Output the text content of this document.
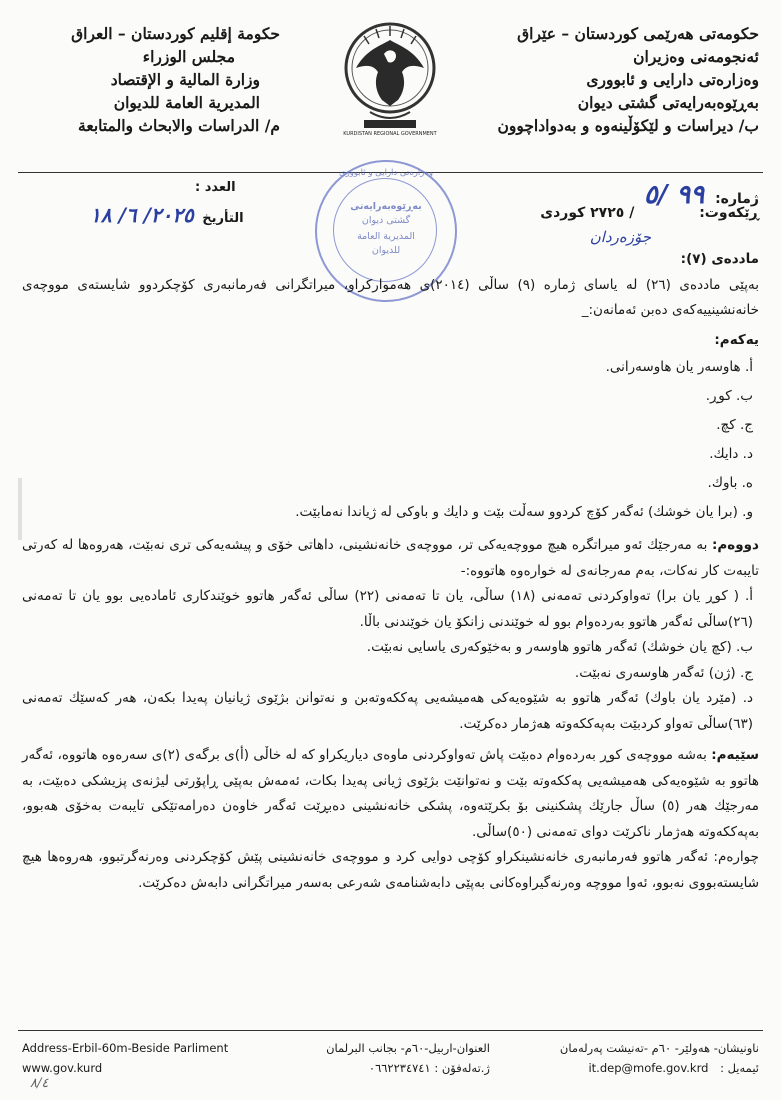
حكومة إقليم كوردستان – العراق
مجلس الوزراء
وزارة المالية و الإقتصاد
المديرية العامة للديوان
م/ الدراسات والابحاث والمتابعة
حكومەتی هەرێمی کوردستان – عێراق
ئەنجومەنی وەزیران
وەزارەتی دارایی و ئابووری
بەڕێوەبەرایەتی گشتی دیوان
ب/ دیراسات و لێکۆڵینەوە و بەدواداچوون
KURDISTAN REGIONAL GOVERNMENT
ژمارە: ٩٩ /٥
ڕێکەوت: / ٢٧٢٥ کوردی
جۆزەردان
العدد :
التأريخ ٢٠٢٥/ ٦/ ١٨
وەزارەتی دارایی و ئابووری
بەڕێوەبەرایەتی
گشتی دیوان
المديرية العامة
للديوان

ماددەی (٧):

بەپێی ماددەی (٢٦) لە یاسای ژمارە (٩) ساڵی (٢٠١٤)ی هەمواركراو، میراتگرانی فەرمانبەری كۆچكردوو شایستەی مووچەی خانەنشینییەكەی دەبن ئەمانەن:_

یەكەم:

أ. هاوسەر یان هاوسەرانی.
ب. كوڕ.
ج. كچ.
د. دایك.
ه. باوك.
و. (برا یان خوشك) ئەگەر كۆچ كردوو سەڵت بێت و دایك و باوكی لە ژیاندا نەمابێت.

دووەم: بە مەرجێك ئەو میراتگرە هیچ مووچەیەكی تر، مووچەی خانەنشینی، داهاتی خۆی و پیشەیەكی تری نەبێت، هەروەها لە كەرتی تایبەت كار نەكات، بەم مەرجانەی لە خوارەوە هاتووە:-

أ. ( كوڕ یان برا) تەواوكردنی تەمەنی (١٨) ساڵی، یان تا تەمەنی (٢٢) ساڵی ئەگەر هاتوو خوێندكاری ئامادەیی بوو یان تا تەمەنی (٢٦)ساڵی ئەگەر هاتوو بەردەوام بوو لە خوێندنی زانكۆ یان خوێندنی باڵا.

ب. (كچ یان خوشك) ئەگەر هاتوو هاوسەر و بەخێوكەری یاسایی نەبێت.

ج. (ژن) ئەگەر هاوسەری نەبێت.

د. (مێرد یان باوك) ئەگەر هاتوو بە شێوەیەكی هەمیشەیی پەككەوتەبن و نەتوانن بژێوی ژیانیان پەیدا بكەن، هەر كەسێك تەمەنی (٦٣)ساڵی تەواو كردبێت بەپەككەوتە هەژمار دەكرێت.

سێیەم: بەشە مووچەی كوڕ بەردەوام دەبێت پاش تەواوكردنی ماوەی دیاریكراو كە لە خاڵی (أ)ی برگەی (٢)ی سەرەوە هاتووە، ئەگەر هاتوو بە شێوەیەكی هەمیشەیی پەككەوتە بێت و نەتوانێت بژێوی ژیانی پەیدا بكات، ئەمەش بەپێی ڕاپۆرتی لیژنەی پزیشكی دەبێت، بە مەرجێك هەر (٥) ساڵ جارێك پشكنینی بۆ بكرێتەوە، پشكی خانەنشینی دەبڕێت ئەگەر خاوەن دەرامەتێكی تایبەت بەخۆی هەبوو، بەپەككەوتە هەژمار ناكرێت دوای تەمەنی (٥٠)ساڵی.

چوارەم: ئەگەر هاتوو فەرمانبەری خانەنشینكراو كۆچی دوایی كرد و مووچەی خانەنشینی پێش كۆچكردنی وەرنەگرتبوو، هەروەها هیچ شایستەبووی نەبوو، ئەوا مووچە وەرنەگیراوەكانی بەپێی دابەشنامەی شەرعی بەسەر میراتگرانی دابەش دەكرێت.

Address-Erbil-60m-Beside Parliment
www.gov.kurd
العنوان-اربيل-٦٠م- بجانب البرلمان
ژ.تەلەفۆن : ٠٦٦٢٢٣٤٧٤١
ناونیشان- هەولێر- ٦٠م -تەنیشت پەرلەمان
it.dep@mofe.gov.krd ئیمەیل :
٨/٤
